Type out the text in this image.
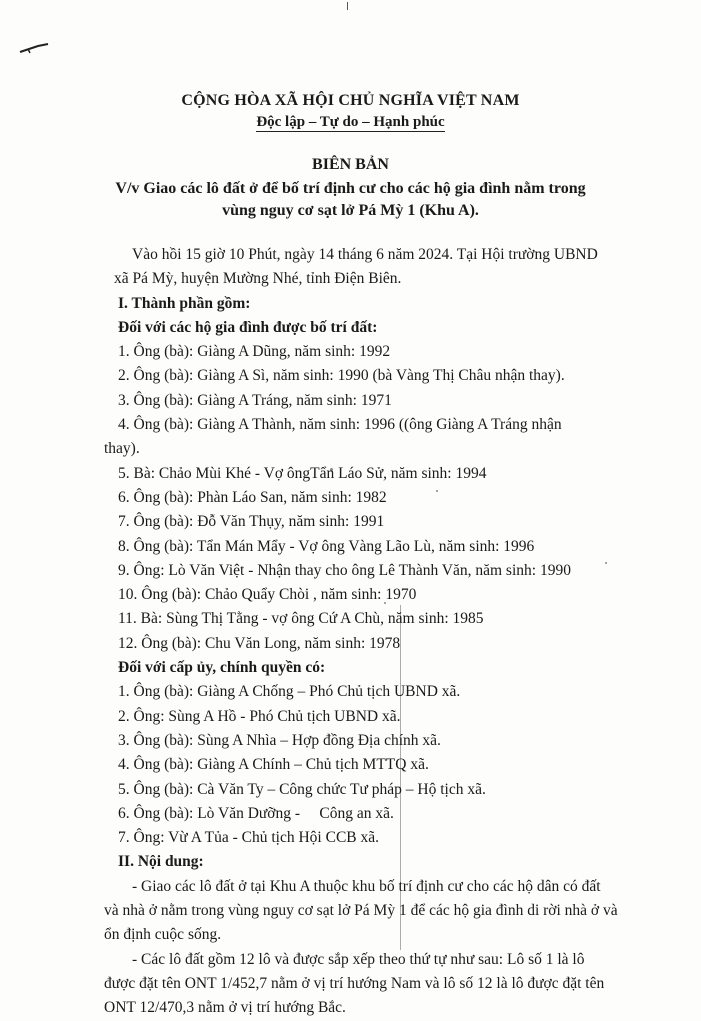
CỘNG HÒA XÃ HỘI CHỦ NGHĨA VIỆT NAM
Độc lập – Tự do – Hạnh phúc
BIÊN BẢN
V/v Giao các lô đất ở để bố trí định cư cho các hộ gia đình nằm trong
vùng nguy cơ sạt lở Pá Mỳ 1 (Khu A).
Vào hồi 15 giờ 10 Phút, ngày 14 tháng 6 năm 2024. Tại Hội trường UBND
xã Pá Mỳ, huyện Mường Nhé, tỉnh Điện Biên.
I. Thành phần gồm:
Đối với các hộ gia đình được bố trí đất:
1. Ông (bà): Giàng A Dũng, năm sinh: 1992
2. Ông (bà): Giàng A Sì, năm sinh: 1990 (bà Vàng Thị Châu nhận thay).
3. Ông (bà): Giàng A Tráng, năm sinh: 1971
4. Ông (bà): Giàng A Thành, năm sinh: 1996 ((ông Giàng A Tráng nhận
thay).
5. Bà: Chảo Mùi Khé - Vợ ôngTẩn Láo Sử, năm sinh: 1994
6. Ông (bà): Phàn Láo San, năm sinh: 1982
7. Ông (bà): Đỗ Văn Thụy, năm sinh: 1991
8. Ông (bà): Tẩn Mán Mẩy - Vợ ông Vàng Lão Lù, năm sinh: 1996
9. Ông: Lò Văn Việt - Nhận thay cho ông Lê Thành Văn, năm sinh: 1990
10. Ông (bà): Chảo Quẩy Chòi , năm sinh: 1970
11. Bà: Sùng Thị Tằng - vợ ông Cứ A Chù, năm sinh: 1985
12. Ông (bà): Chu Văn Long, năm sinh: 1978
Đối với cấp ủy, chính quyền có:
1. Ông (bà): Giàng A Chống – Phó Chủ tịch UBND xã.
2. Ông: Sùng A Hồ - Phó Chủ tịch UBND xã.
3. Ông (bà): Sùng A Nhìa – Hợp đồng Địa chính xã.
4. Ông (bà): Giàng A Chính – Chủ tịch MTTQ xã.
5. Ông (bà): Cà Văn Ty – Công chức Tư pháp – Hộ tịch xã.
6. Ông (bà): Lò Văn Dưỡng -     Công an xã.
7. Ông: Vừ A Tủa - Chủ tịch Hội CCB xã.
II. Nội dung:
- Giao các lô đất ở tại Khu A thuộc khu bố trí định cư cho các hộ dân có đất
và nhà ở nằm trong vùng nguy cơ sạt lở Pá Mỳ 1 để các hộ gia đình di rời nhà ở và
ổn định cuộc sống.
- Các lô đất gồm 12 lô và được sắp xếp theo thứ tự như sau: Lô số 1 là lô
được đặt tên ONT 1/452,7 nằm ở vị trí hướng Nam và lô số 12 là lô được đặt tên
ONT 12/470,3 nằm ở vị trí hướng Bắc.
